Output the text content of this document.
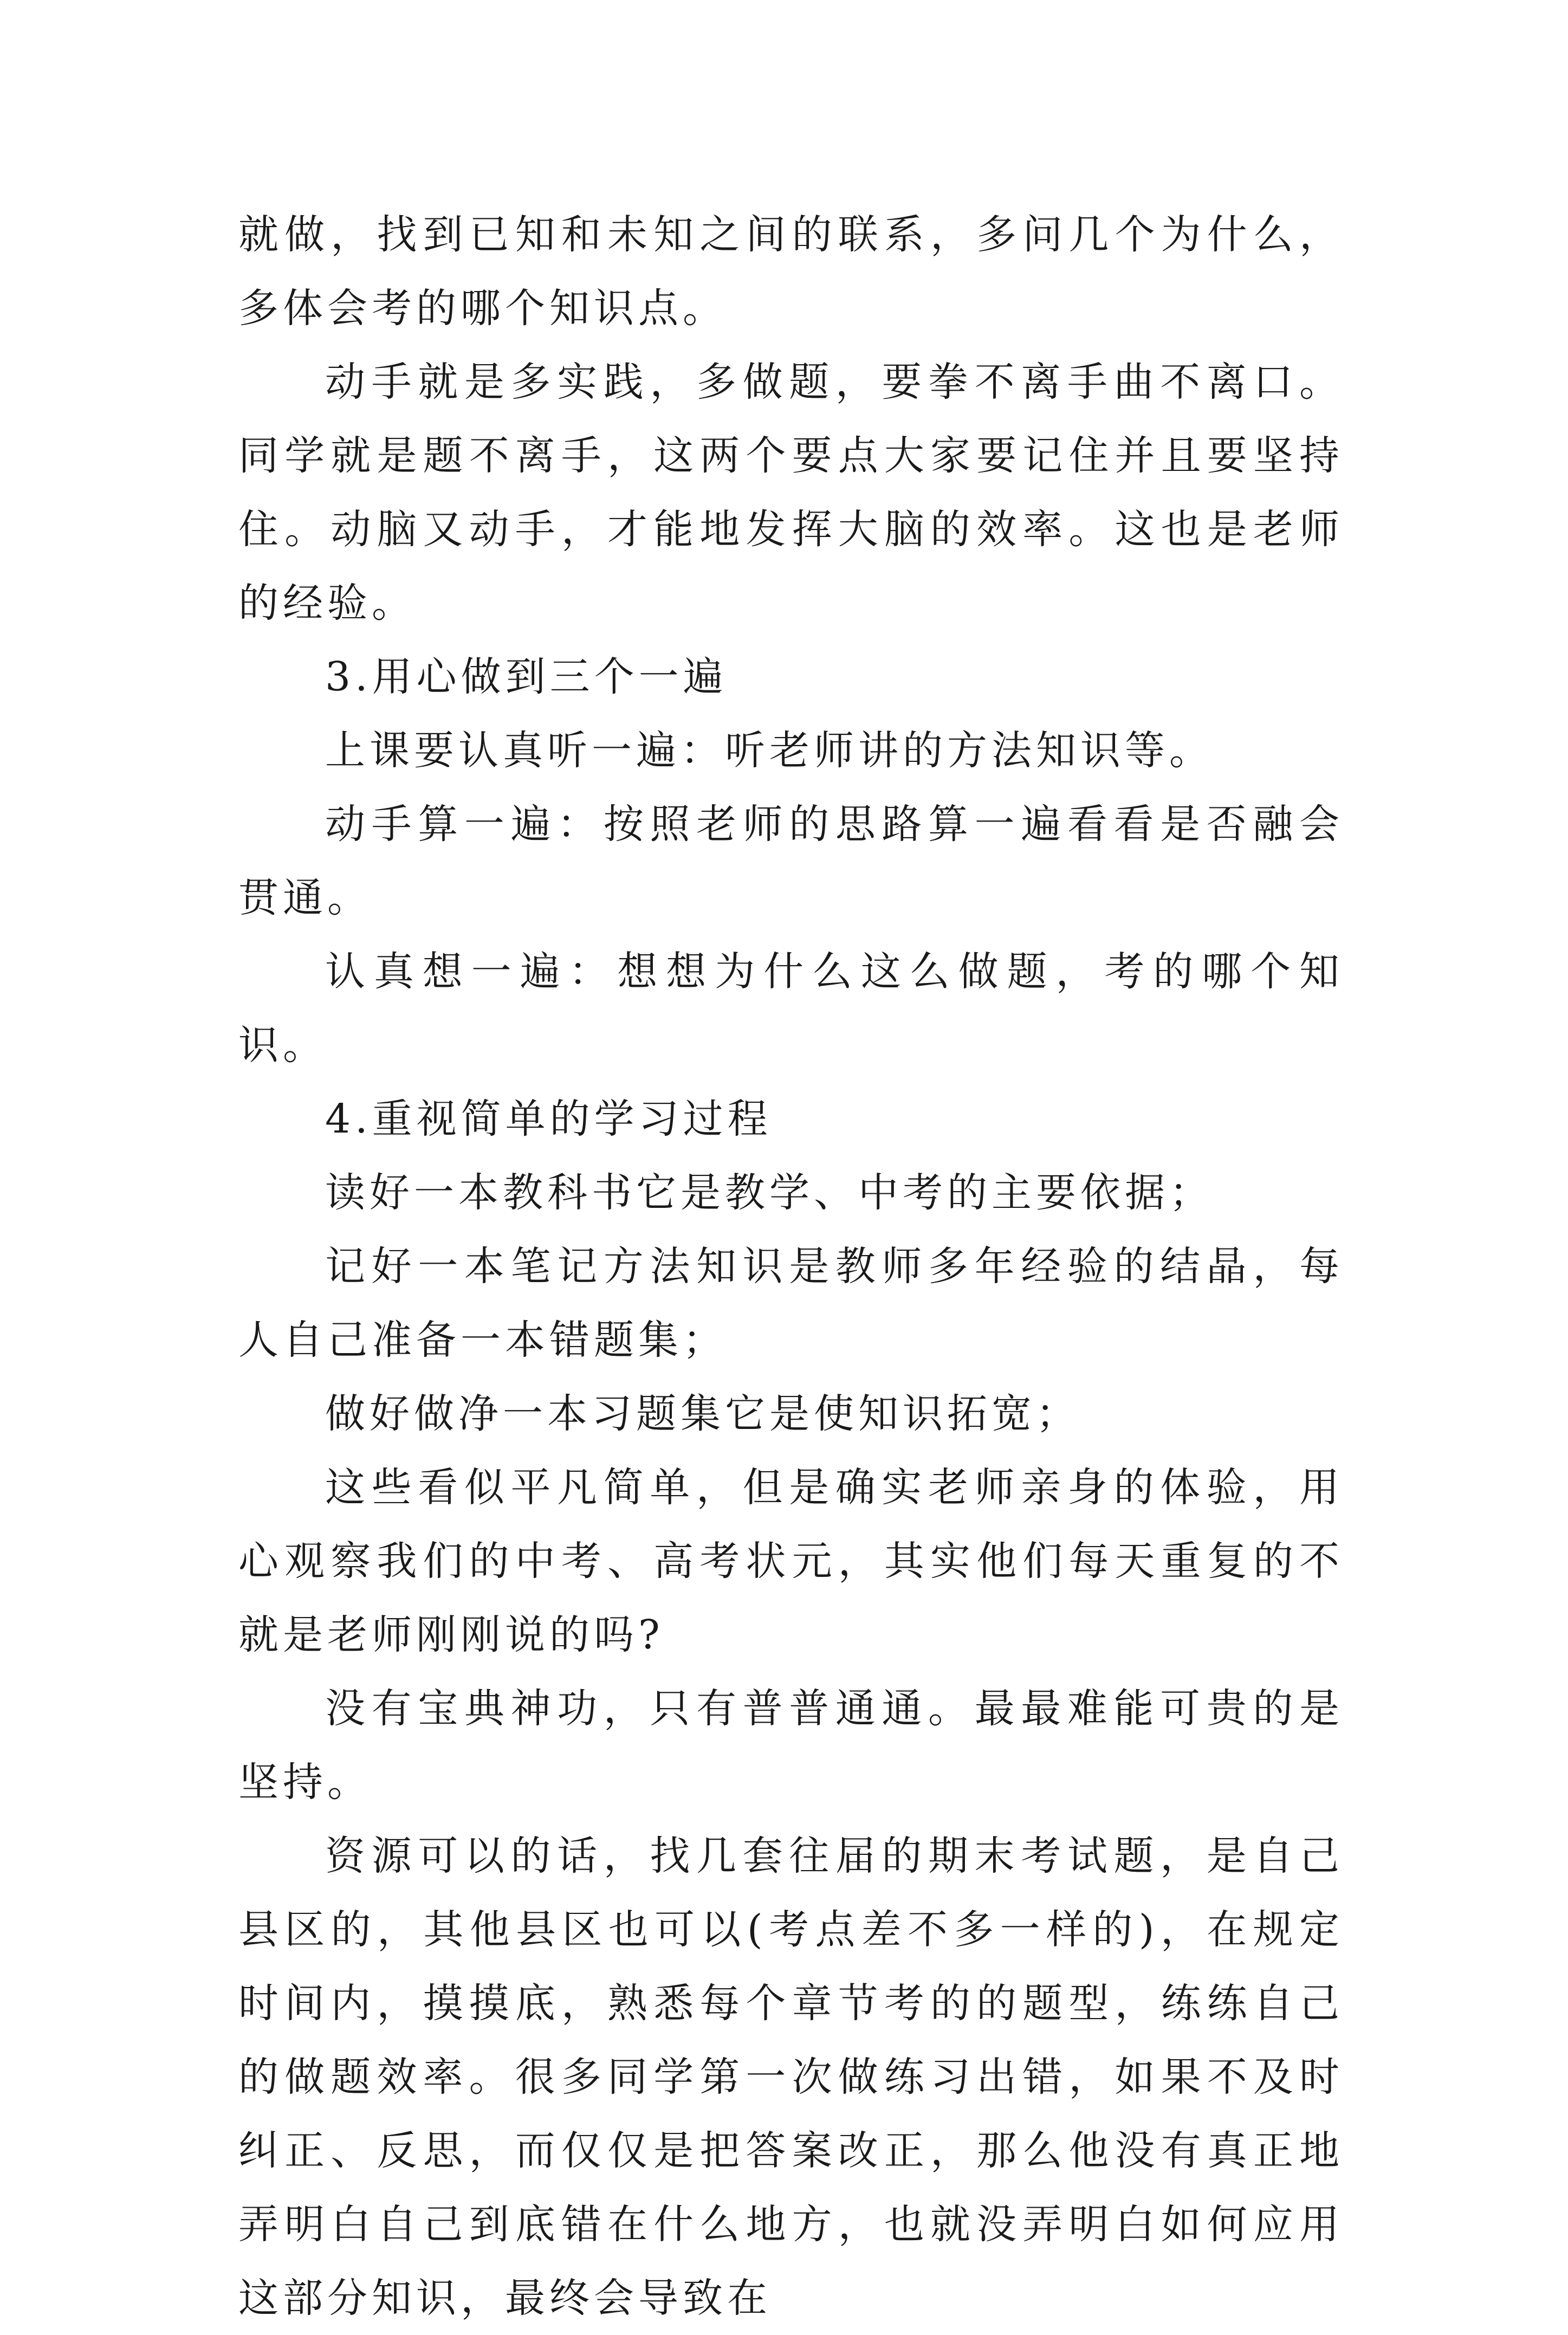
就做，找到已知和未知之间的联系，多问几个为什么，多体会考的哪个知识点。

动手就是多实践，多做题，要拳不离手曲不离口。同学就是题不离手，这两个要点大家要记住并且要坚持住。动脑又动手，才能地发挥大脑的效率。这也是老师的经验。

3.用心做到三个一遍

上课要认真听一遍：听老师讲的方法知识等。

动手算一遍：按照老师的思路算一遍看看是否融会贯通。

认真想一遍：想想为什么这么做题，考的哪个知识。

4.重视简单的学习过程

读好一本教科书它是教学、中考的主要依据；

记好一本笔记方法知识是教师多年经验的结晶，每人自己准备一本错题集；

做好做净一本习题集它是使知识拓宽；

这些看似平凡简单，但是确实老师亲身的体验，用心观察我们的中考、高考状元，其实他们每天重复的不就是老师刚刚说的吗?

没有宝典神功，只有普普通通。最最难能可贵的是坚持。

资源可以的话，找几套往届的期末考试题，是自己县区的，其他县区也可以(考点差不多一样的)，在规定时间内，摸摸底，熟悉每个章节考的的题型，练练自己的做题效率。很多同学第一次做练习出错，如果不及时纠正、反思，而仅仅是把答案改正，那么他没有真正地弄明白自己到底错在什么地方，也就没弄明白如何应用这部分知识，最终会导致在
